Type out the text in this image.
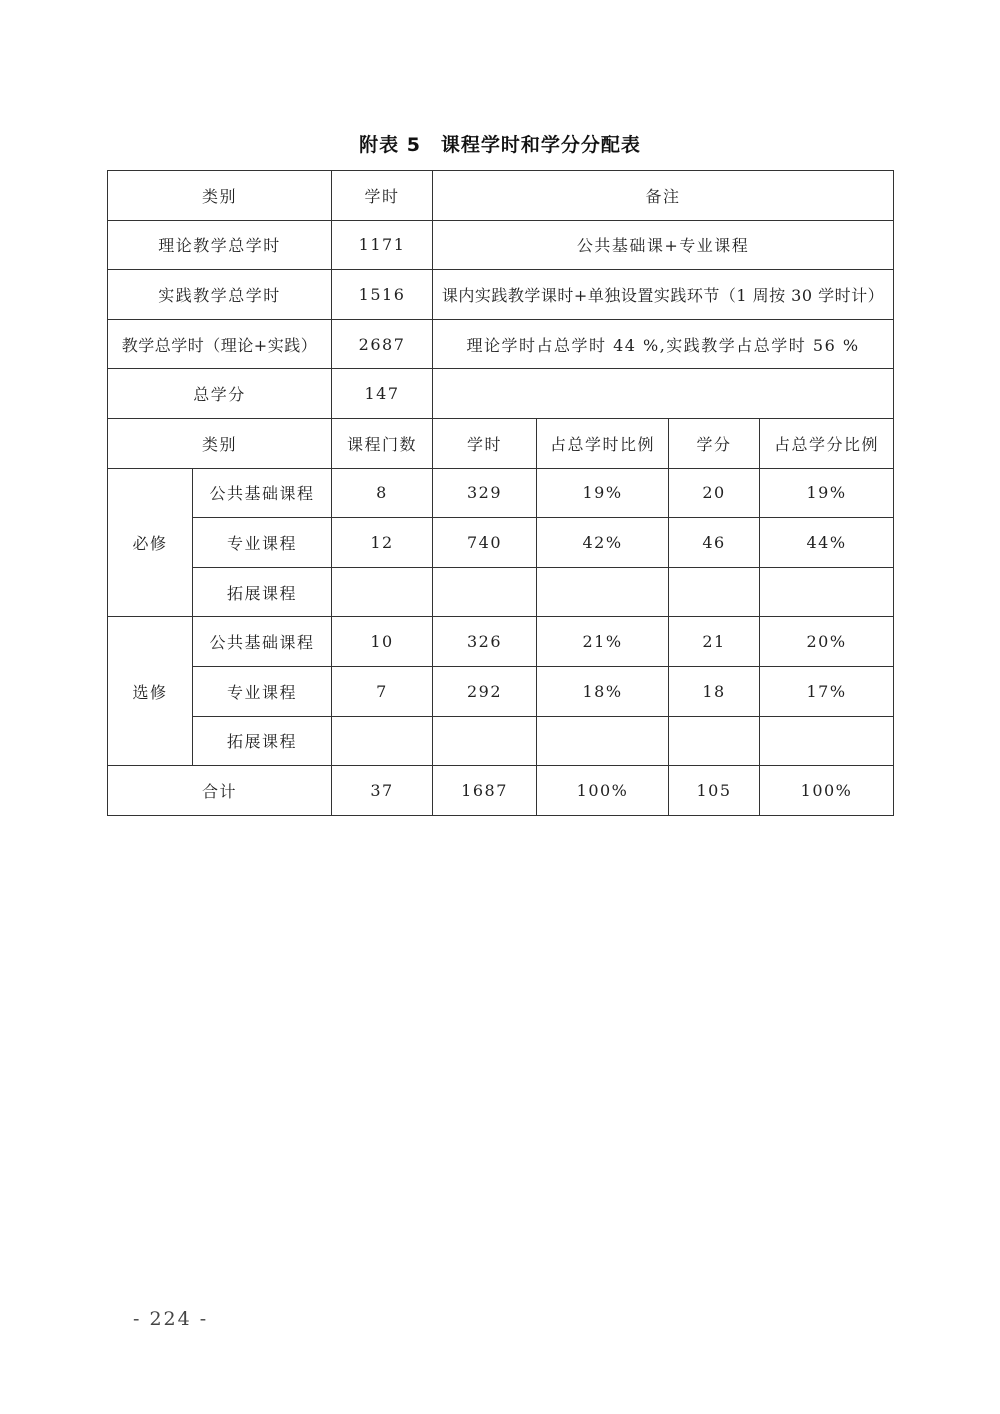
附表 5　课程学时和学分分配表
类别		学时	备注			
理论教学总学时		1171	公共基础课+专业课程			
实践教学总学时		1516	课内实践教学课时+单独设置实践环节（1 周按 30 学时计）			
教学总学时（理论+实践）		2687	理论学时占总学时 44 %,实践教学占总学时 56 %			
总学分		147				
类别		课程门数	学时	占总学时比例	学分	占总学分比例
必修	公共基础课程	8	329	19%	20	19%
	专业课程	12	740	42%	46	44%
	拓展课程					
选修	公共基础课程	10	326	21%	21	20%
	专业课程	7	292	18%	18	17%
	拓展课程					
合计		37	1687	100%	105	100%
- 224 -
